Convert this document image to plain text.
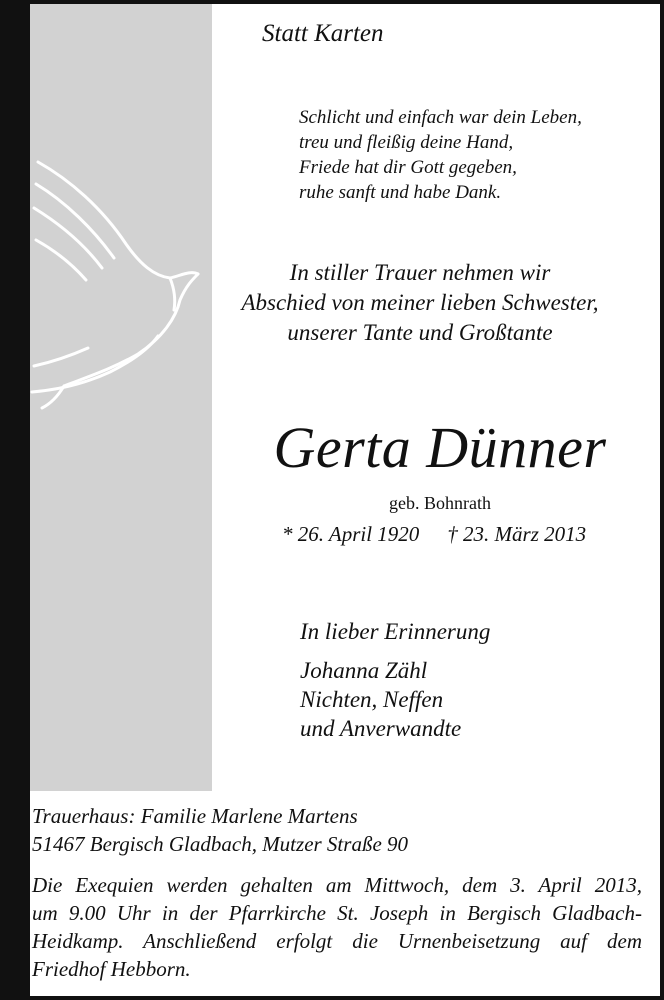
Statt Karten
Schlicht und einfach war dein Leben,
treu und fleißig deine Hand,
Friede hat dir Gott gegeben,
ruhe sanft und habe Dank.
In stiller Trauer nehmen wir
Abschied von meiner lieben Schwester,
unserer Tante und Großtante
Gerta Dünner
geb. Bohnrath
* 26. April 1920 † 23. März 2013
In lieber Erinnerung
Johanna Zähl
Nichten, Neffen
und Anverwandte
Trauerhaus: Familie Marlene Martens
51467 Bergisch Gladbach, Mutzer Straße 90
Die Exequien werden gehalten am Mittwoch, dem 3. April 2013,
um 9.00 Uhr in der Pfarrkirche St. Joseph in Bergisch Gladbach-
Heidkamp. Anschließend erfolgt die Urnenbeisetzung auf dem
Friedhof Hebborn.
